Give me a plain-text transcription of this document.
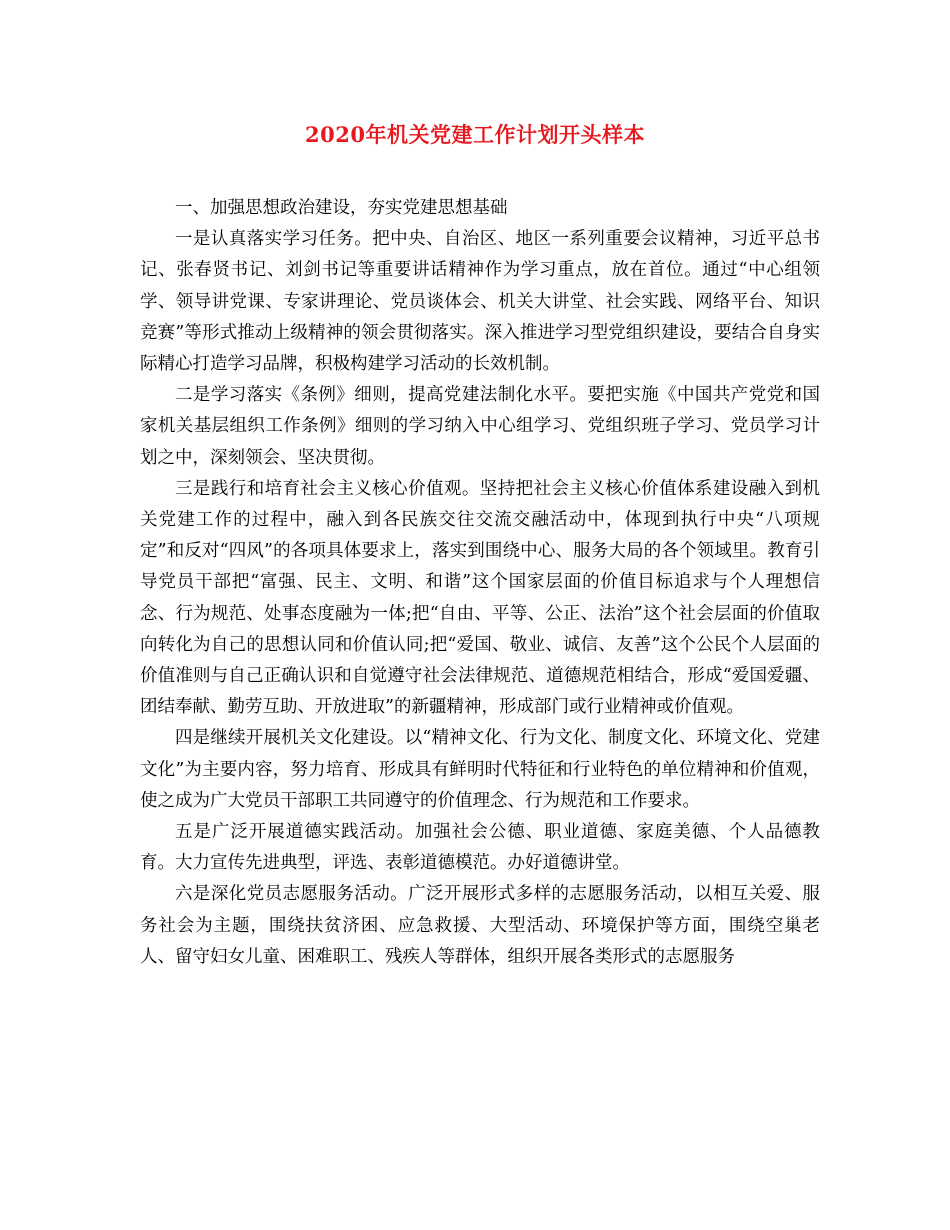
2020年机关党建工作计划开头样本

一、加强思想政治建设，夯实党建思想基础

一是认真落实学习任务。把中央、自治区、地区一系列重要会议精神，习近平总书记、张春贤书记、刘剑书记等重要讲话精神作为学习重点，放在首位。通过“中心组领学、领导讲党课、专家讲理论、党员谈体会、机关大讲堂、社会实践、网络平台、知识竞赛”等形式推动上级精神的领会贯彻落实。深入推进学习型党组织建设，要结合自身实际精心打造学习品牌，积极构建学习活动的长效机制。

二是学习落实《条例》细则，提高党建法制化水平。要把实施《中国共产党党和国家机关基层组织工作条例》细则的学习纳入中心组学习、党组织班子学习、党员学习计划之中，深刻领会、坚决贯彻。

三是践行和培育社会主义核心价值观。坚持把社会主义核心价值体系建设融入到机关党建工作的过程中，融入到各民族交往交流交融活动中，体现到执行中央“八项规定”和反对“四风”的各项具体要求上，落实到围绕中心、服务大局的各个领域里。教育引导党员干部把“富强、民主、文明、和谐”这个国家层面的价值目标追求与个人理想信念、行为规范、处事态度融为一体;把“自由、平等、公正、法治”这个社会层面的价值取向转化为自己的思想认同和价值认同;把“爱国、敬业、诚信、友善”这个公民个人层面的价值准则与自己正确认识和自觉遵守社会法律规范、道德规范相结合，形成“爱国爱疆、团结奉献、勤劳互助、开放进取”的新疆精神，形成部门或行业精神或价值观。

四是继续开展机关文化建设。以“精神文化、行为文化、制度文化、环境文化、党建文化”为主要内容，努力培育、形成具有鲜明时代特征和行业特色的单位精神和价值观，使之成为广大党员干部职工共同遵守的价值理念、行为规范和工作要求。

五是广泛开展道德实践活动。加强社会公德、职业道德、家庭美德、个人品德教育。大力宣传先进典型，评选、表彰道德模范。办好道德讲堂。

六是深化党员志愿服务活动。广泛开展形式多样的志愿服务活动，以相互关爱、服务社会为主题，围绕扶贫济困、应急救援、大型活动、环境保护等方面，围绕空巢老人、留守妇女儿童、困难职工、残疾人等群体，组织开展各类形式的志愿服务
